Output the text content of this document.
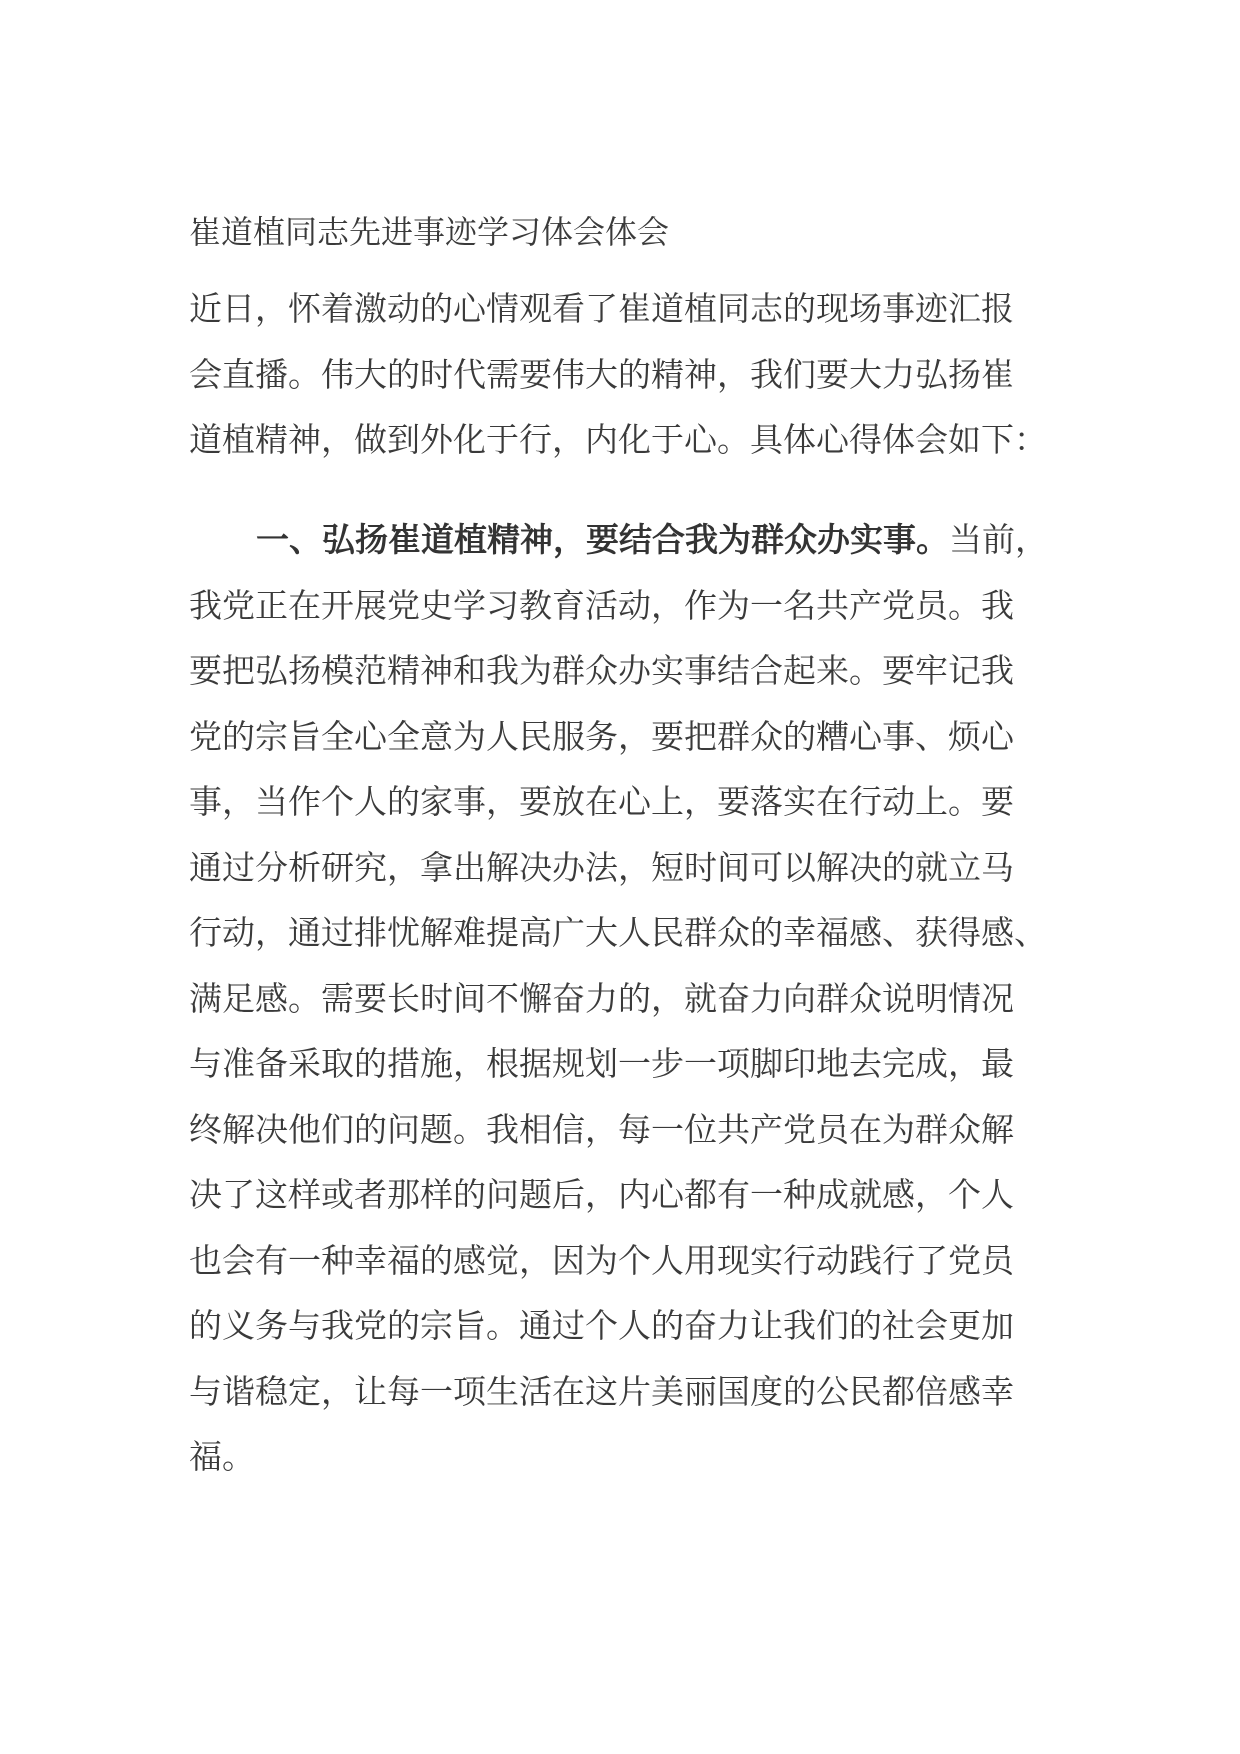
崔道植同志先进事迹学习体会体会
近日，怀着激动的心情观看了崔道植同志的现场事迹汇报
会直播。伟大的时代需要伟大的精神，我们要大力弘扬崔
道植精神，做到外化于行，内化于心。具体心得体会如下：
一、弘扬崔道植精神，要结合我为群众办实事。当前，
我党正在开展党史学习教育活动，作为一名共产党员。我
要把弘扬模范精神和我为群众办实事结合起来。要牢记我
党的宗旨全心全意为人民服务，要把群众的糟心事、烦心
事，当作个人的家事，要放在心上，要落实在行动上。要
通过分析研究，拿出解决办法，短时间可以解决的就立马
行动，通过排忧解难提高广大人民群众的幸福感、获得感、
满足感。需要长时间不懈奋力的，就奋力向群众说明情况
与准备采取的措施，根据规划一步一项脚印地去完成，最
终解决他们的问题。我相信，每一位共产党员在为群众解
决了这样或者那样的问题后，内心都有一种成就感，个人
也会有一种幸福的感觉，因为个人用现实行动践行了党员
的义务与我党的宗旨。通过个人的奋力让我们的社会更加
与谐稳定，让每一项生活在这片美丽国度的公民都倍感幸
福。
